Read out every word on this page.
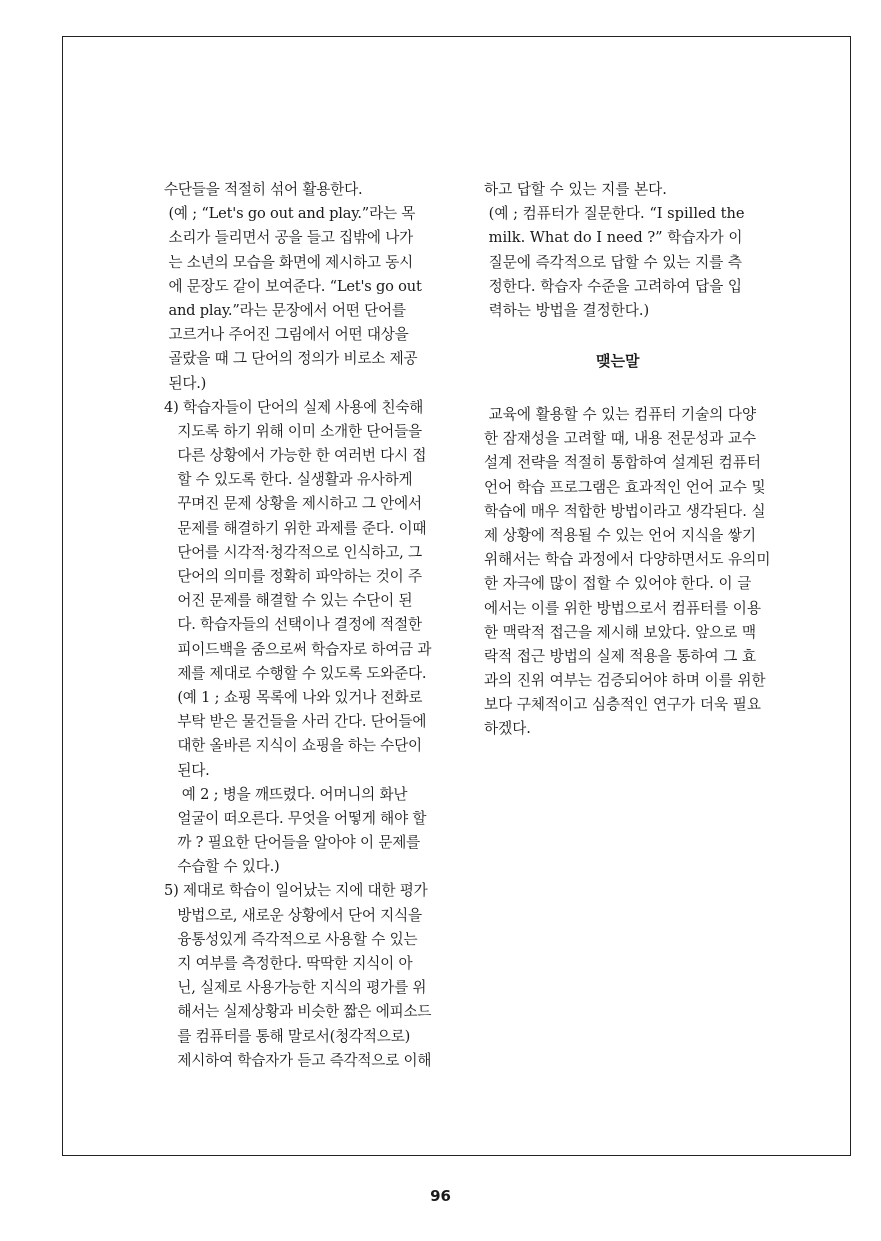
수단들을 적절히 섞어 활용한다.
(예 ; “Let's go out and play.”라는 목
소리가 들리면서 공을 들고 집밖에 나가
는 소년의 모습을 화면에 제시하고 동시
에 문장도 같이 보여준다. “Let's go out
and play.”라는 문장에서 어떤 단어를
고르거나 주어진 그림에서 어떤 대상을
골랐을 때 그 단어의 정의가 비로소 제공
된다.)
4) 학습자들이 단어의 실제 사용에 친숙해
지도록 하기 위해 이미 소개한 단어들을
다른 상황에서 가능한 한 여러번 다시 접
할 수 있도록 한다. 실생활과 유사하게
꾸며진 문제 상황을 제시하고 그 안에서
문제를 해결하기 위한 과제를 준다. 이때
단어를 시각적·청각적으로 인식하고, 그
단어의 의미를 정확히 파악하는 것이 주
어진 문제를 해결할 수 있는 수단이 된
다. 학습자들의 선택이나 결정에 적절한
피이드백을 줌으로써 학습자로 하여금 과
제를 제대로 수행할 수 있도록 도와준다.
(예 1 ; 쇼핑 목록에 나와 있거나 전화로
부탁 받은 물건들을 사러 간다. 단어들에
대한 올바른 지식이 쇼핑을 하는 수단이
된다.
예 2 ; 병을 깨뜨렸다. 어머니의 화난
얼굴이 떠오른다. 무엇을 어떻게 해야 할
까 ? 필요한 단어들을 알아야 이 문제를
수습할 수 있다.)
5) 제대로 학습이 일어났는 지에 대한 평가
방법으로, 새로운 상황에서 단어 지식을
융통성있게 즉각적으로 사용할 수 있는
지 여부를 측정한다. 딱딱한 지식이 아
닌, 실제로 사용가능한 지식의 평가를 위
해서는 실제상황과 비슷한 짧은 에피소드
를 컴퓨터를 통해 말로서(청각적으로)
제시하여 학습자가 듣고 즉각적으로 이해
하고 답할 수 있는 지를 본다.
(예 ; 컴퓨터가 질문한다. “I spilled the
milk. What do I need ?” 학습자가 이
질문에 즉각적으로 답할 수 있는 지를 측
정한다. 학습자 수준을 고려하여 답을 입
력하는 방법을 결정한다.)
맺는말
교육에 활용할 수 있는 컴퓨터 기술의 다양
한 잠재성을 고려할 때, 내용 전문성과 교수
설계 전략을 적절히 통합하여 설계된 컴퓨터
언어 학습 프로그램은 효과적인 언어 교수 및
학습에 매우 적합한 방법이라고 생각된다. 실
제 상황에 적용될 수 있는 언어 지식을 쌓기
위해서는 학습 과정에서 다양하면서도 유의미
한 자극에 많이 접할 수 있어야 한다. 이 글
에서는 이를 위한 방법으로서 컴퓨터를 이용
한 맥락적 접근을 제시해 보았다. 앞으로 맥
락적 접근 방법의 실제 적용을 통하여 그 효
과의 진위 여부는 검증되어야 하며 이를 위한
보다 구체적이고 심층적인 연구가 더욱 필요
하겠다.
96
